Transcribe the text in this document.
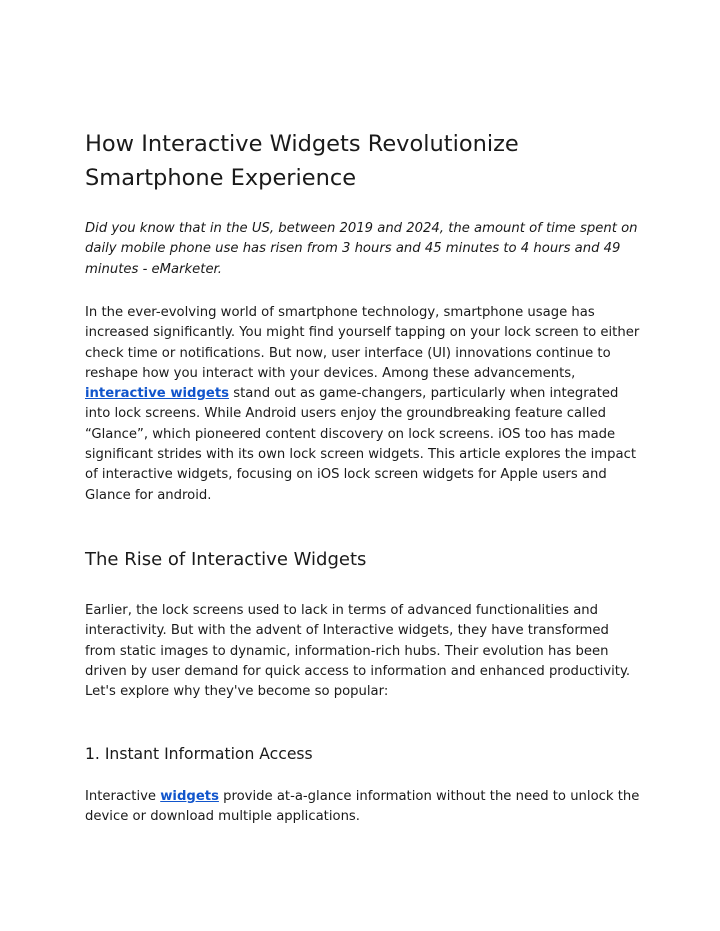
How Interactive Widgets Revolutionize Smartphone Experience

Did you know that in the US, between 2019 and 2024, the amount of time spent on daily mobile phone use has risen from 3 hours and 45 minutes to 4 hours and 49 minutes - eMarketer.

In the ever-evolving world of smartphone technology, smartphone usage has increased significantly. You might find yourself tapping on your lock screen to either check time or notifications. But now, user interface (UI) innovations continue to reshape how you interact with your devices. Among these advancements, interactive widgets stand out as game-changers, particularly when integrated into lock screens. While Android users enjoy the groundbreaking feature called “Glance”, which pioneered content discovery on lock screens. iOS too has made significant strides with its own lock screen widgets. This article explores the impact of interactive widgets, focusing on iOS lock screen widgets for Apple users and Glance for android.

The Rise of Interactive Widgets

Earlier, the lock screens used to lack in terms of advanced functionalities and interactivity. But with the advent of Interactive widgets, they have transformed from static images to dynamic, information-rich hubs. Their evolution has been driven by user demand for quick access to information and enhanced productivity. Let's explore why they've become so popular:

1. Instant Information Access

Interactive widgets provide at-a-glance information without the need to unlock the device or download multiple applications.
